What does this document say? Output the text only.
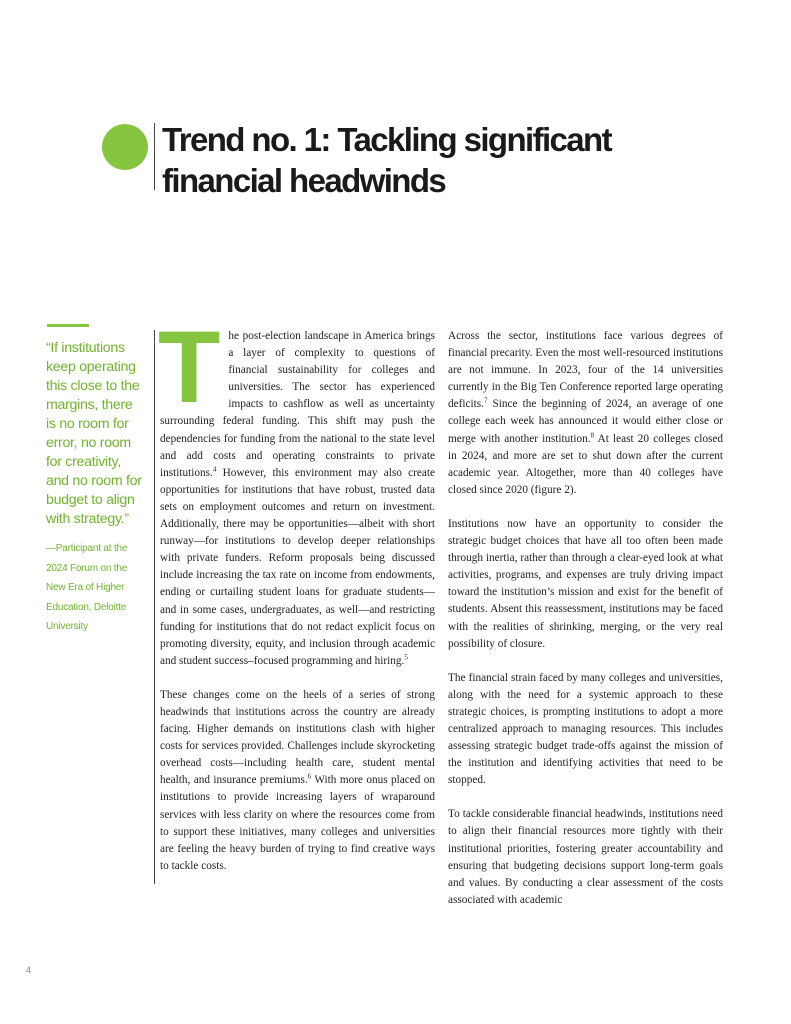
Trend no. 1: Tackling significant
financial headwinds

“If institutions
keep operating
this close to the
margins, there
is no room for
error, no room
for creativity,
and no room for
budget to align
with strategy.”

—Participant at the
2024 Forum on the
New Era of Higher
Education, Deloitte
University

The post-election landscape in America brings a layer of complexity to questions of financial sustainability for colleges and universities. The sector has experienced impacts to cashflow as well as uncertainty surrounding federal funding. This shift may push the dependencies for funding from the national to the state level and add costs and operating constraints to private institutions.$^4$ However, this environment may also create opportunities for institutions that have robust, trusted data sets on employment outcomes and return on investment. Additionally, there may be opportunities—albeit with short runway—for institutions to develop deeper relationships with private funders. Reform proposals being discussed include increasing the tax rate on income from endowments, ending or curtailing student loans for graduate students—and in some cases, undergraduates, as well—and restricting funding for institutions that do not redact explicit focus on promoting diversity, equity, and inclusion through academic and student success–focused programming and hiring.$^5$

These changes come on the heels of a series of strong headwinds that institutions across the country are already facing. Higher demands on institutions clash with higher costs for services provided. Challenges include skyrocketing overhead costs—including health care, student mental health, and insurance premiums.$^6$ With more onus placed on institutions to provide increasing layers of wraparound services with less clarity on where the resources come from to support these initiatives, many colleges and universities are feeling the heavy burden of trying to find creative ways to tackle costs.

Across the sector, institutions face various degrees of financial precarity. Even the most well-resourced institutions are not immune. In 2023, four of the 14 universities currently in the Big Ten Conference reported large operating deficits.$^7$ Since the beginning of 2024, an average of one college each week has announced it would either close or merge with another institution.$^8$ At least 20 colleges closed in 2024, and more are set to shut down after the current academic year. Altogether, more than 40 colleges have closed since 2020 (figure 2).

Institutions now have an opportunity to consider the strategic budget choices that have all too often been made through inertia, rather than through a clear-eyed look at what activities, programs, and expenses are truly driving impact toward the institution’s mission and exist for the benefit of students. Absent this reassessment, institutions may be faced with the realities of shrinking, merging, or the very real possibility of closure.

The financial strain faced by many colleges and universities, along with the need for a systemic approach to these strategic choices, is prompting institutions to adopt a more centralized approach to managing resources. This includes assessing strategic budget trade-offs against the mission of the institution and identifying activities that need to be stopped.

To tackle considerable financial headwinds, institutions need to align their financial resources more tightly with their institutional priorities, fostering greater accountability and ensuring that budgeting decisions support long-term goals and values. By conducting a clear assessment of the costs associated with academic

4
